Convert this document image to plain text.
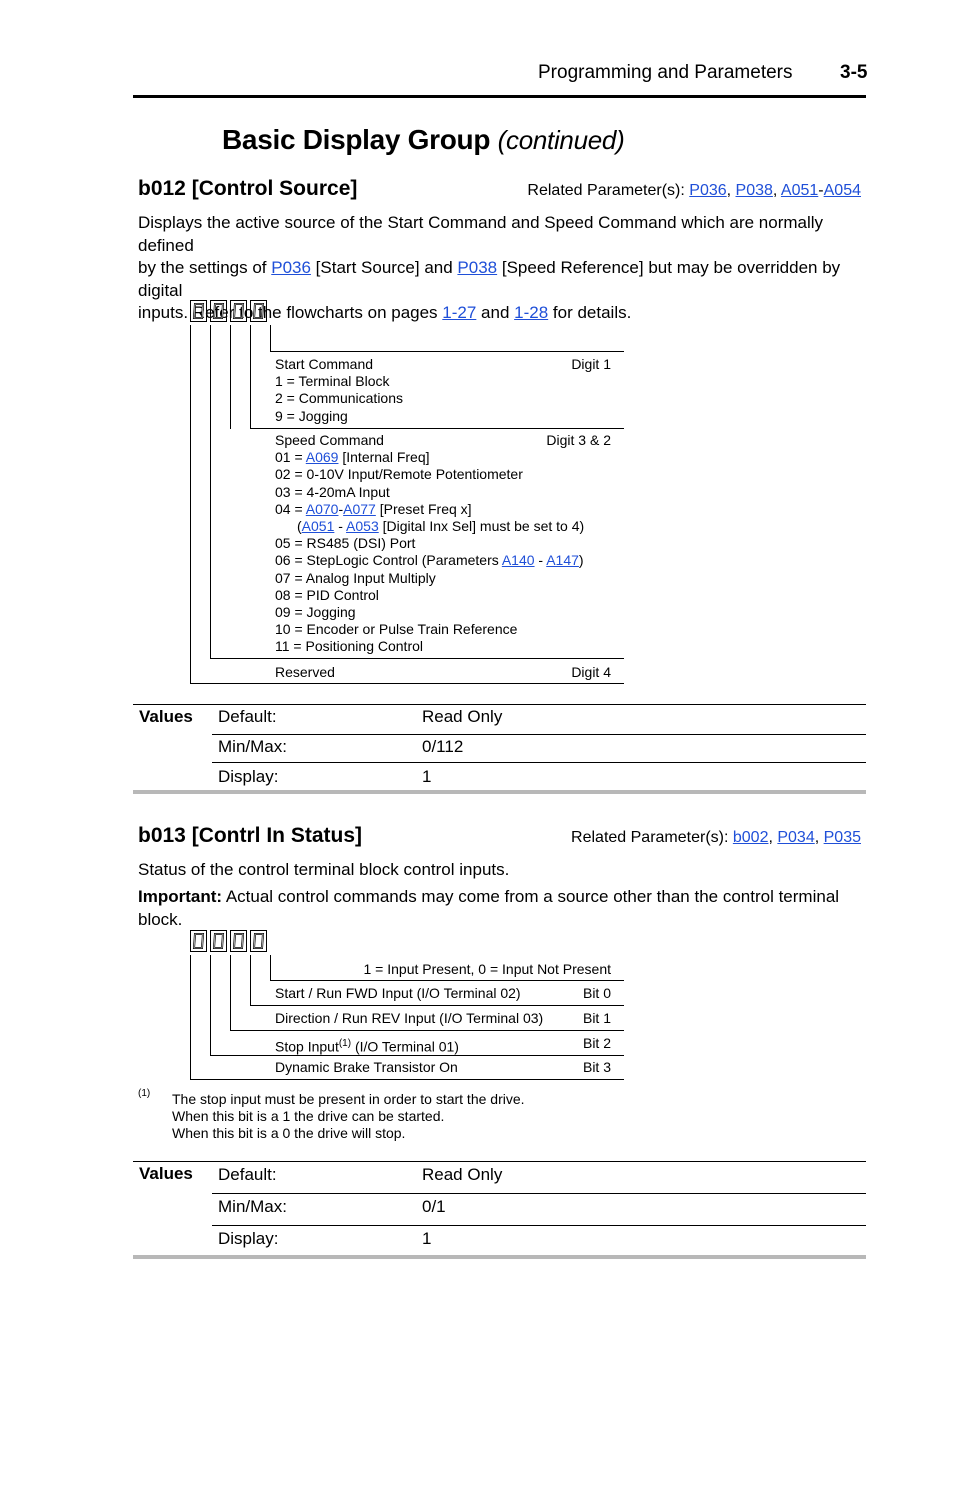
Programming and Parameters	3-5
Basic Display Group (continued)
b012 [Control Source]	Related Parameter(s): P036, P038, A051-A054
Displays the active source of the Start Command and Speed Command which are normally defined
by the settings of P036 [Start Source] and P038 [Speed Reference] but may be overridden by digital
inputs. Refer to the flowcharts on pages 1-27 and 1-28 for details.
Start Command	Digit 1
1 = Terminal Block
2 = Communications
9 = Jogging
Speed Command	Digit 3 & 2
01 = A069 [Internal Freq]
02 = 0-10V Input/Remote Potentiometer
03 = 4-20mA Input
04 = A070-A077 [Preset Freq x]
(A051 - A053 [Digital Inx Sel] must be set to 4)
05 = RS485 (DSI) Port
06 = StepLogic Control (Parameters A140 - A147)
07 = Analog Input Multiply
08 = PID Control
09 = Jogging
10 = Encoder or Pulse Train Reference
11 = Positioning Control
Reserved	Digit 4
Values Default:	Read Only
Min/Max:	0/112
Display:	1
b013 [Contrl In Status]	Related Parameter(s): b002, P034, P035
Status of the control terminal block control inputs.
Important: Actual control commands may come from a source other than the control terminal block.
1 = Input Present, 0 = Input Not Present
Start / Run FWD Input (I/O Terminal 02)	Bit 0
Direction / Run REV Input (I/O Terminal 03)	Bit 1
Stop Input$^{(1)}$ (I/O Terminal 01)	Bit 2
Dynamic Brake Transistor On	Bit 3
(1) The stop input must be present in order to start the drive.
When this bit is a 1 the drive can be started.
When this bit is a 0 the drive will stop.
Values Default:	Read Only
Min/Max:	0/1
Display:	1
